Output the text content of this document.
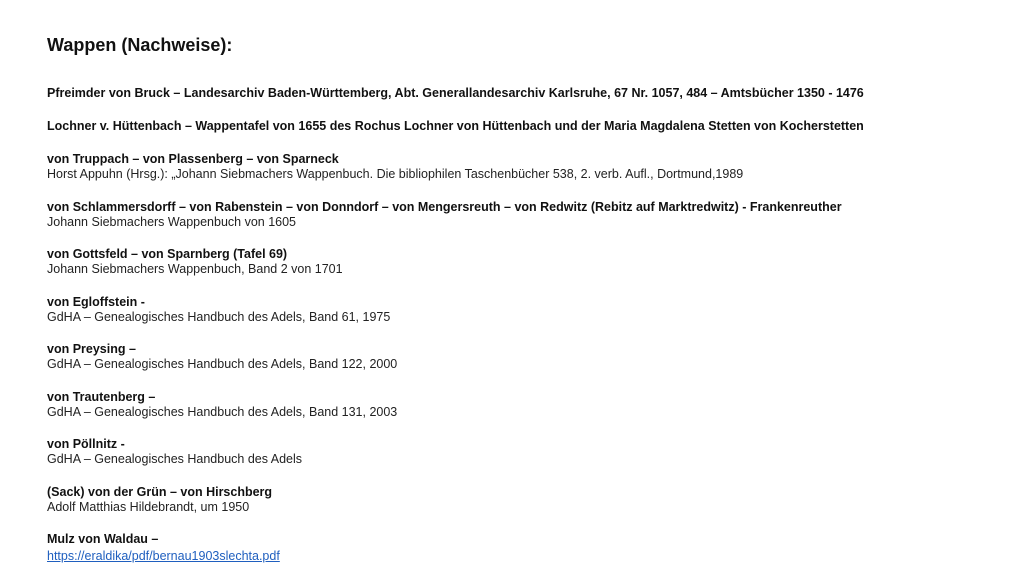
Wappen (Nachweise):
Pfreimder von Bruck – Landesarchiv Baden-Württemberg, Abt. Generallandesarchiv Karlsruhe, 67 Nr. 1057, 484 – Amtsbücher 1350 - 1476
Lochner v. Hüttenbach – Wappentafel von 1655 des Rochus Lochner von Hüttenbach und der Maria Magdalena Stetten von Kocherstetten
von Truppach – von Plassenberg – von Sparneck
Horst Appuhn (Hrsg.): „Johann Siebmachers Wappenbuch. Die bibliophilen Taschenbücher 538, 2. verb. Aufl., Dortmund,1989
von Schlammersdorff – von Rabenstein – von Donndorf – von Mengersreuth – von Redwitz (Rebitz auf Marktredwitz) - Frankenreuther
Johann Siebmachers Wappenbuch von 1605
von Gottsfeld – von Sparnberg (Tafel 69)
Johann Siebmachers Wappenbuch, Band 2 von 1701
von Egloffstein -
GdHA – Genealogisches Handbuch des Adels, Band 61, 1975
von Preysing –
GdHA – Genealogisches Handbuch des Adels, Band 122, 2000
von Trautenberg –
GdHA – Genealogisches Handbuch des Adels, Band 131, 2003
von Pöllnitz -
GdHA – Genealogisches Handbuch des Adels
(Sack) von der Grün – von Hirschberg
Adolf Matthias Hildebrandt, um 1950
Mulz von Waldau –
https://eraldika/pdf/bernau1903slechta.pdf
